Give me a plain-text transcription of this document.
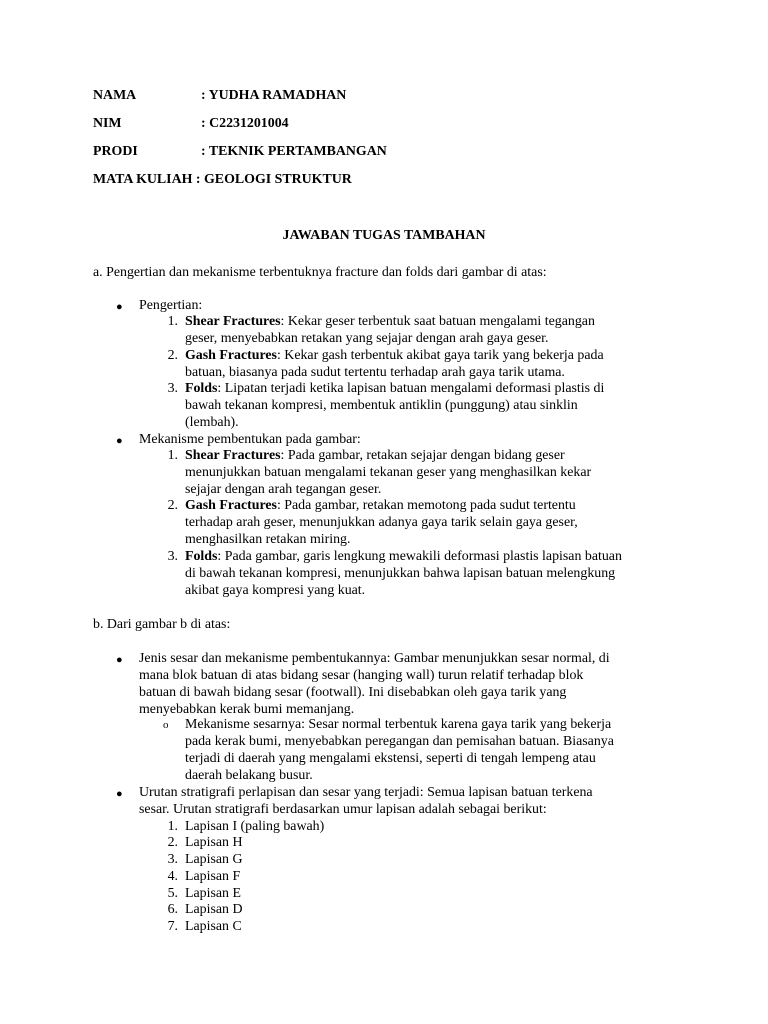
NAMA	: YUDHA RAMADHAN
NIM	: C2231201004
PRODI	: TEKNIK PERTAMBANGAN
MATA KULIAH : GEOLOGI STRUKTUR
JAWABAN TUGAS TAMBAHAN
a. Pengertian dan mekanisme terbentuknya fracture dan folds dari gambar di atas:
● Pengertian:
1. Shear Fractures: Kekar geser terbentuk saat batuan mengalami tegangan
geser, menyebabkan retakan yang sejajar dengan arah gaya geser.
2. Gash Fractures: Kekar gash terbentuk akibat gaya tarik yang bekerja pada
batuan, biasanya pada sudut tertentu terhadap arah gaya tarik utama.
3. Folds: Lipatan terjadi ketika lapisan batuan mengalami deformasi plastis di
bawah tekanan kompresi, membentuk antiklin (punggung) atau sinklin
(lembah).
● Mekanisme pembentukan pada gambar:
1. Shear Fractures: Pada gambar, retakan sejajar dengan bidang geser
menunjukkan batuan mengalami tekanan geser yang menghasilkan kekar
sejajar dengan arah tegangan geser.
2. Gash Fractures: Pada gambar, retakan memotong pada sudut tertentu
terhadap arah geser, menunjukkan adanya gaya tarik selain gaya geser,
menghasilkan retakan miring.
3. Folds: Pada gambar, garis lengkung mewakili deformasi plastis lapisan batuan
di bawah tekanan kompresi, menunjukkan bahwa lapisan batuan melengkung
akibat gaya kompresi yang kuat.
b. Dari gambar b di atas:
● Jenis sesar dan mekanisme pembentukannya: Gambar menunjukkan sesar normal, di
mana blok batuan di atas bidang sesar (hanging wall) turun relatif terhadap blok
batuan di bawah bidang sesar (footwall). Ini disebabkan oleh gaya tarik yang
menyebabkan kerak bumi memanjang.
o Mekanisme sesarnya: Sesar normal terbentuk karena gaya tarik yang bekerja
pada kerak bumi, menyebabkan peregangan dan pemisahan batuan. Biasanya
terjadi di daerah yang mengalami ekstensi, seperti di tengah lempeng atau
daerah belakang busur.
● Urutan stratigrafi perlapisan dan sesar yang terjadi: Semua lapisan batuan terkena
sesar. Urutan stratigrafi berdasarkan umur lapisan adalah sebagai berikut:
1. Lapisan I (paling bawah)
2. Lapisan H
3. Lapisan G
4. Lapisan F
5. Lapisan E
6. Lapisan D
7. Lapisan C
